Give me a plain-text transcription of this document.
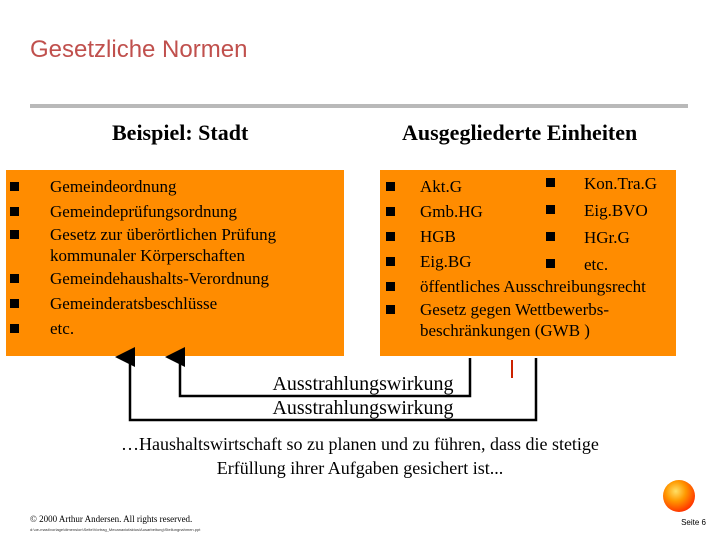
Gesetzliche Normen
Beispiel: Stadt	Ausgegliederte Einheiten
Gemeindeordnung
Gemeindeprüfungsordnung
Gesetz zur überörtlichen Prüfung kommunaler Körperschaften
Gemeindehaushalts-Verordnung
Gemeinderatsbeschlüsse
etc.
Akt.G
Gmb.HG
HGB
Eig.BG
öffentliches Ausschreibungsrecht
Gesetz gegen Wettbewerbs-beschränkungen (GWB )
Kon.Tra.G
Eig.BVO
HGr.G
etc.
Ausstrahlungswirkung
Ausstrahlungswirkung
…Haushaltswirtschaft so zu planen und zu führen, dass die stetige Erfüllung ihrer Aufgaben gesichert ist...
© 2000 Arthur Andersen. All rights reserved.
d:\oe-mast\vorlage\dimension\Seite\Vortrag_Mecanaxiofaktus\Ausarbeitung\Stellungnahmen.ppt
Seite 6
